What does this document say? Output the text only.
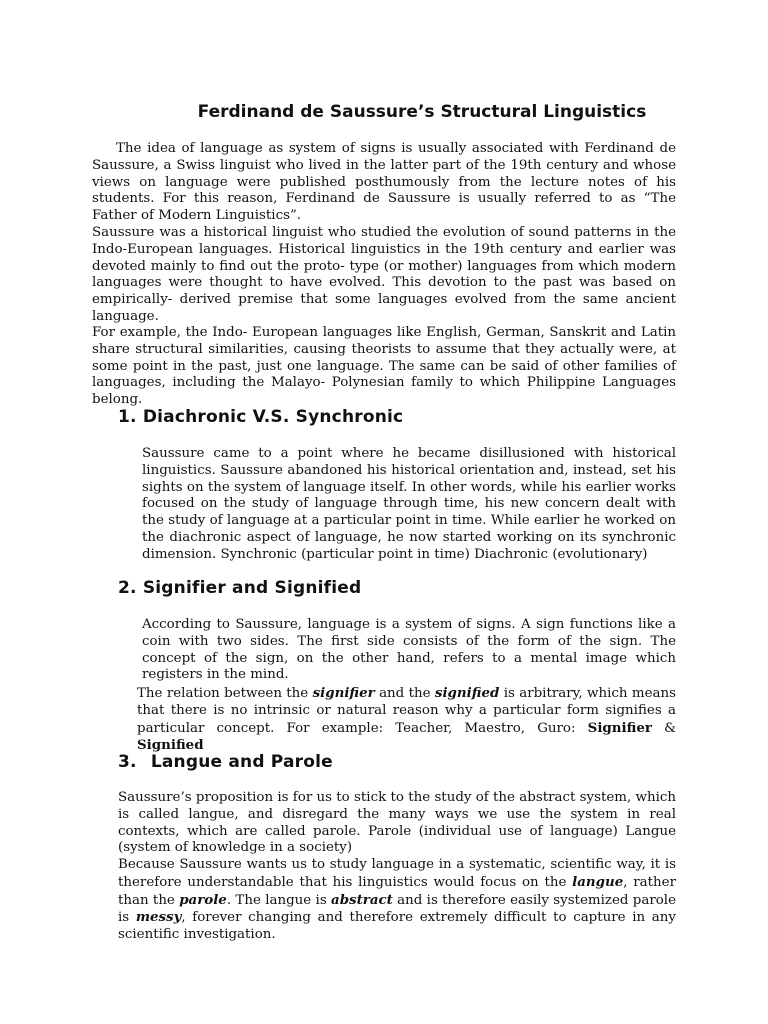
Ferdinand de Saussure’s Structural Linguistics

The idea of language as system of signs is usually associated with Ferdinand de Saussure, a Swiss linguist who lived in the latter part of the 19th century and whose views on language were published posthumously from the lecture notes of his students. For this reason, Ferdinand de Saussure is usually referred to as “The Father of Modern Linguistics”.

Saussure was a historical linguist who studied the evolution of sound patterns in the Indo-European languages. Historical linguistics in the 19th century and earlier was devoted mainly to find out the proto- type (or mother) languages from which modern languages were thought to have evolved. This devotion to the past was based on empirically- derived premise that some languages evolved from the same ancient language.

For example, the Indo- European languages like English, German, Sanskrit and Latin share structural similarities, causing theorists to assume that they actually were, at some point in the past, just one language. The same can be said of other families of languages, including the Malayo- Polynesian family to which Philippine Languages belong.

1. Diachronic V.S. Synchronic

Saussure came to a point where he became disillusioned with historical linguistics. Saussure abandoned his historical orientation and, instead, set his sights on the system of language itself. In other words, while his earlier works focused on the study of language through time, his new concern dealt with the study of language at a particular point in time. While earlier he worked on the diachronic aspect of language, he now started working on its synchronic dimension. Synchronic (particular point in time) Diachronic (evolutionary)

2. Signifier and Signified

According to Saussure, language is a system of signs. A sign functions like a coin with two sides. The first side consists of the form of the sign. The concept of the sign, on the other hand, refers to a mental image which registers in the mind.

The relation between the signifier and the signified is arbitrary, which means that there is no intrinsic or natural reason why a particular form signifies a particular concept. For example: Teacher, Maestro, Guro: Signifier & Signified

3. Langue and Parole

Saussure’s proposition is for us to stick to the study of the abstract system, which is called langue, and disregard the many ways we use the system in real contexts, which are called parole. Parole (individual use of language) Langue (system of knowledge in a society)

Because Saussure wants us to study language in a systematic, scientific way, it is therefore understandable that his linguistics would focus on the langue, rather than the parole. The langue is abstract and is therefore easily systemized parole is messy, forever changing and therefore extremely difficult to capture in any scientific investigation.
